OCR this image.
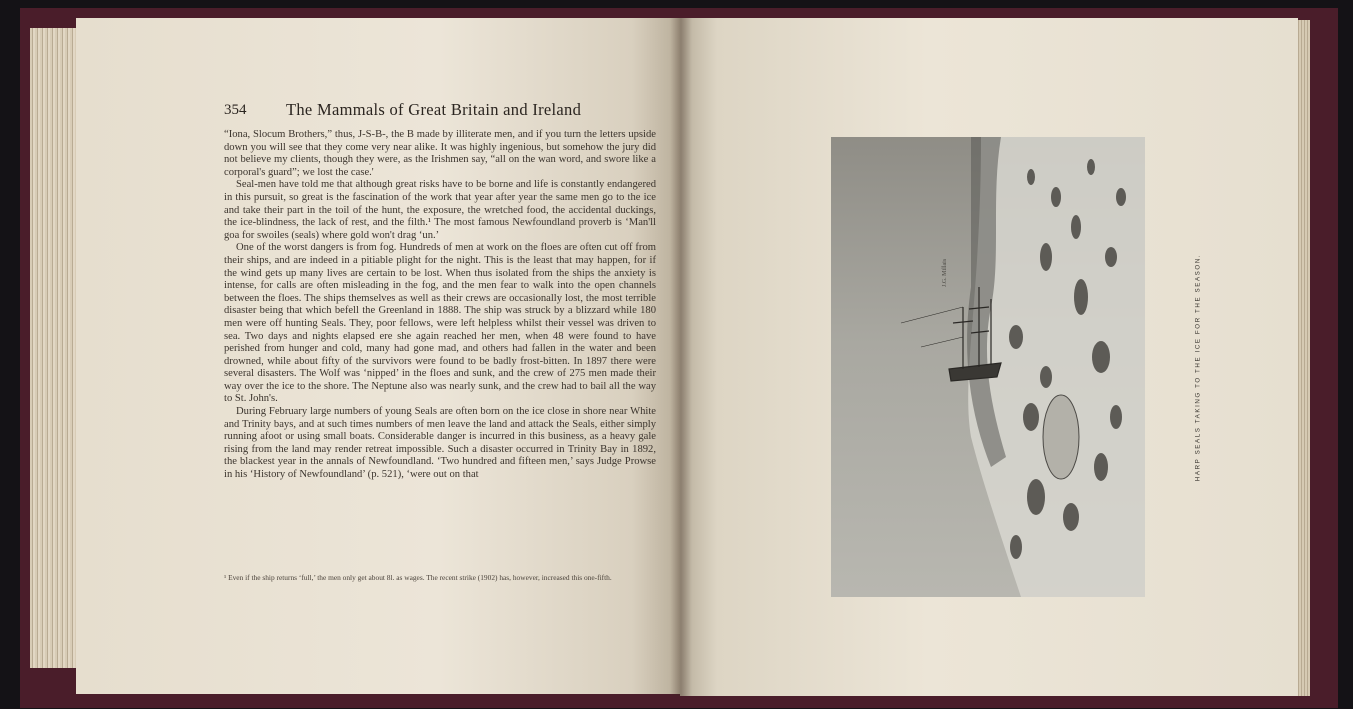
354 The Mammals of Great Britain and Ireland

“Iona, Slocum Brothers,” thus, J-S-B-, the B made by illiterate men, and if you turn the letters upside down you will see that they come very near alike. It was highly ingenious, but somehow the jury did not believe my clients, though they were, as the Irishmen say, “all on the wan word, and swore like a corporal's guard”; we lost the case.'

Seal-men have told me that although great risks have to be borne and life is constantly endangered in this pursuit, so great is the fascination of the work that year after year the same men go to the ice and take their part in the toil of the hunt, the exposure, the wretched food, the accidental duckings, the ice-blindness, the lack of rest, and the filth.¹ The most famous Newfoundland proverb is ‘Man'll goa for swoiles (seals) where gold won't drag ‘un.’

One of the worst dangers is from fog. Hundreds of men at work on the floes are often cut off from their ships, and are indeed in a pitiable plight for the night. This is the least that may happen, for if the wind gets up many lives are certain to be lost. When thus isolated from the ships the anxiety is intense, for calls are often misleading in the fog, and the men fear to walk into the open channels between the floes. The ships themselves as well as their crews are occasionally lost, the most terrible disaster being that which befell the Greenland in 1888. The ship was struck by a blizzard while 180 men were off hunting Seals. They, poor fellows, were left helpless whilst their vessel was driven to sea. Two days and nights elapsed ere she again reached her men, when 48 were found to have perished from hunger and cold, many had gone mad, and others had fallen in the water and been drowned, while about fifty of the survivors were found to be badly frost-bitten. In 1897 there were several disasters. The Wolf was ‘nipped’ in the floes and sunk, and the crew of 275 men made their way over the ice to the shore. The Neptune also was nearly sunk, and the crew had to bail all the way to St. John's.

During February large numbers of young Seals are often born on the ice close in shore near White and Trinity bays, and at such times numbers of men leave the land and attack the Seals, either simply running afoot or using small boats. Considerable danger is incurred in this business, as a heavy gale rising from the land may render retreat impossible. Such a disaster occurred in Trinity Bay in 1892, the blackest year in the annals of Newfoundland. ‘Two hundred and fifteen men,’ says Judge Prowse in his ‘History of Newfoundland’ (p. 521), ‘were out on that

¹ Even if the ship returns ‘full,’ the men only get about 8l. as wages. The recent strike (1902) has, however, increased this one-fifth.
J.G. Millais	HARP SEALS TAKING TO THE ICE FOR THE SEASON.
